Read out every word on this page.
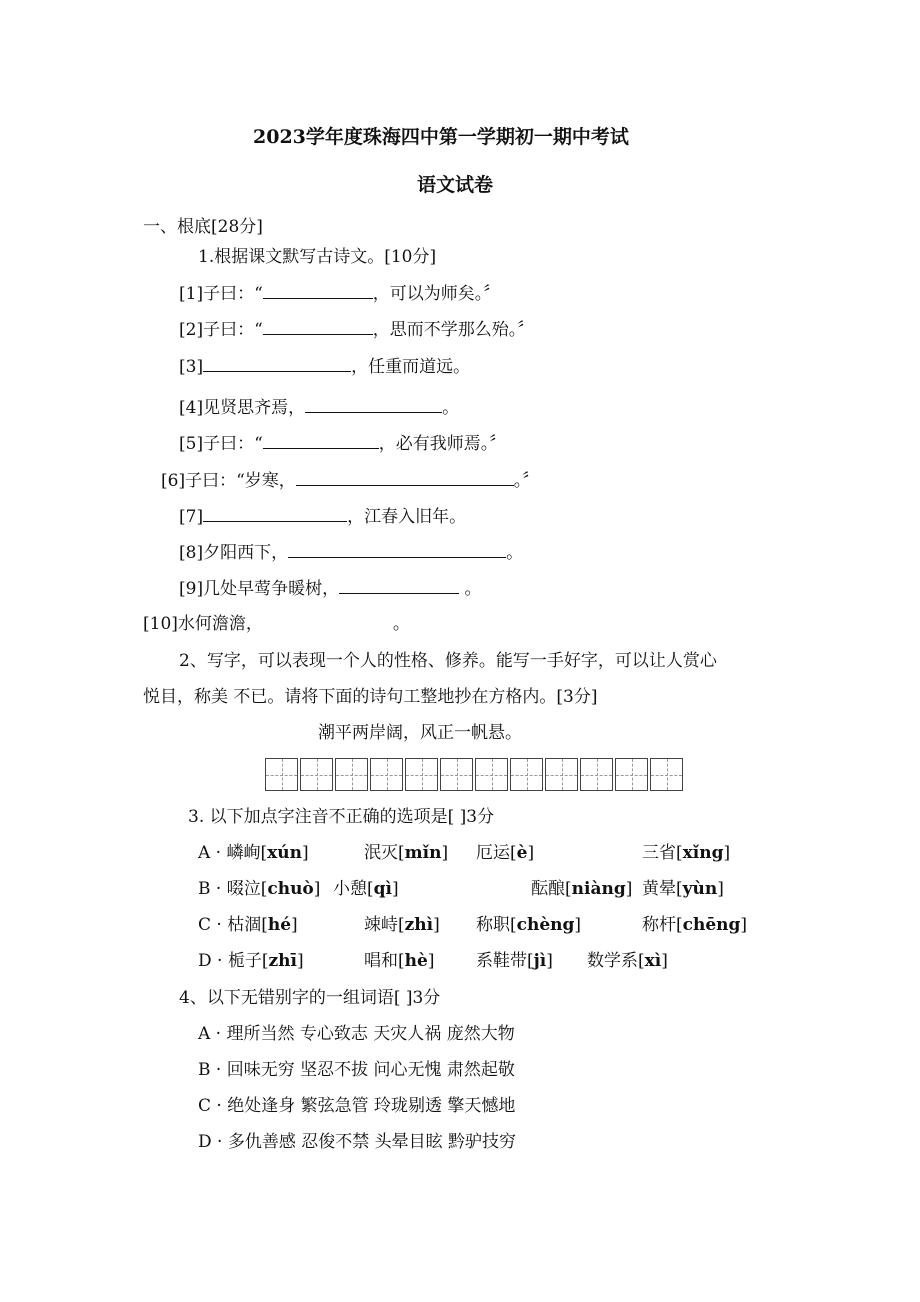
2023学年度珠海四中第一学期初一期中考试
语文试卷
一、根底[28分]
1.根据课文默写古诗文。[10分]
[1]子曰：“	，可以为师矣。〞
[2]子曰：“	，思而不学那么殆。〞
[3]	，任重而道远。
[4]见贤思齐焉，	。
[5]子曰：“	，必有我师焉。〞
[6]子曰：“岁寒，	。〞
[7]	，江春入旧年。
[8]夕阳西下，	。
[9]几处早莺争暖树，	。
[10]水何澹澹，	。
2、写字，可以表现一个人的性格、修养。能写一手好字，可以让人赏心
悦目，称美 不已。请将下面的诗句工整地抄在方格内。[3分]
潮平两岸阔，风正一帆悬。
3. 以下加点字注音不正确的选项是[ ]3分
A · 嶙峋[xún]	泯灭[mǐn] 厄运[è]	三省[xǐng]
B · 啜泣[chuò] 小憩[qì]	酝酿[niàng] 黄晕[yùn]
C · 枯涸[hé]	竦峙[zhì] 称职[chèng]	称杆[chēng]
D · 栀子[zhī]	唱和[hè] 系鞋带[jì] 数学系[xì]
4、以下无错别字的一组词语[ ]3分
A · 理所当然 专心致志 天灾人祸 庞然大物
B · 回味无穷 坚忍不拔 问心无愧 肃然起敬
C · 绝处逢身 繁弦急管 玲珑剔透 擎天憾地
D · 多仇善感 忍俊不禁 头晕目眩 黔驴技穷
